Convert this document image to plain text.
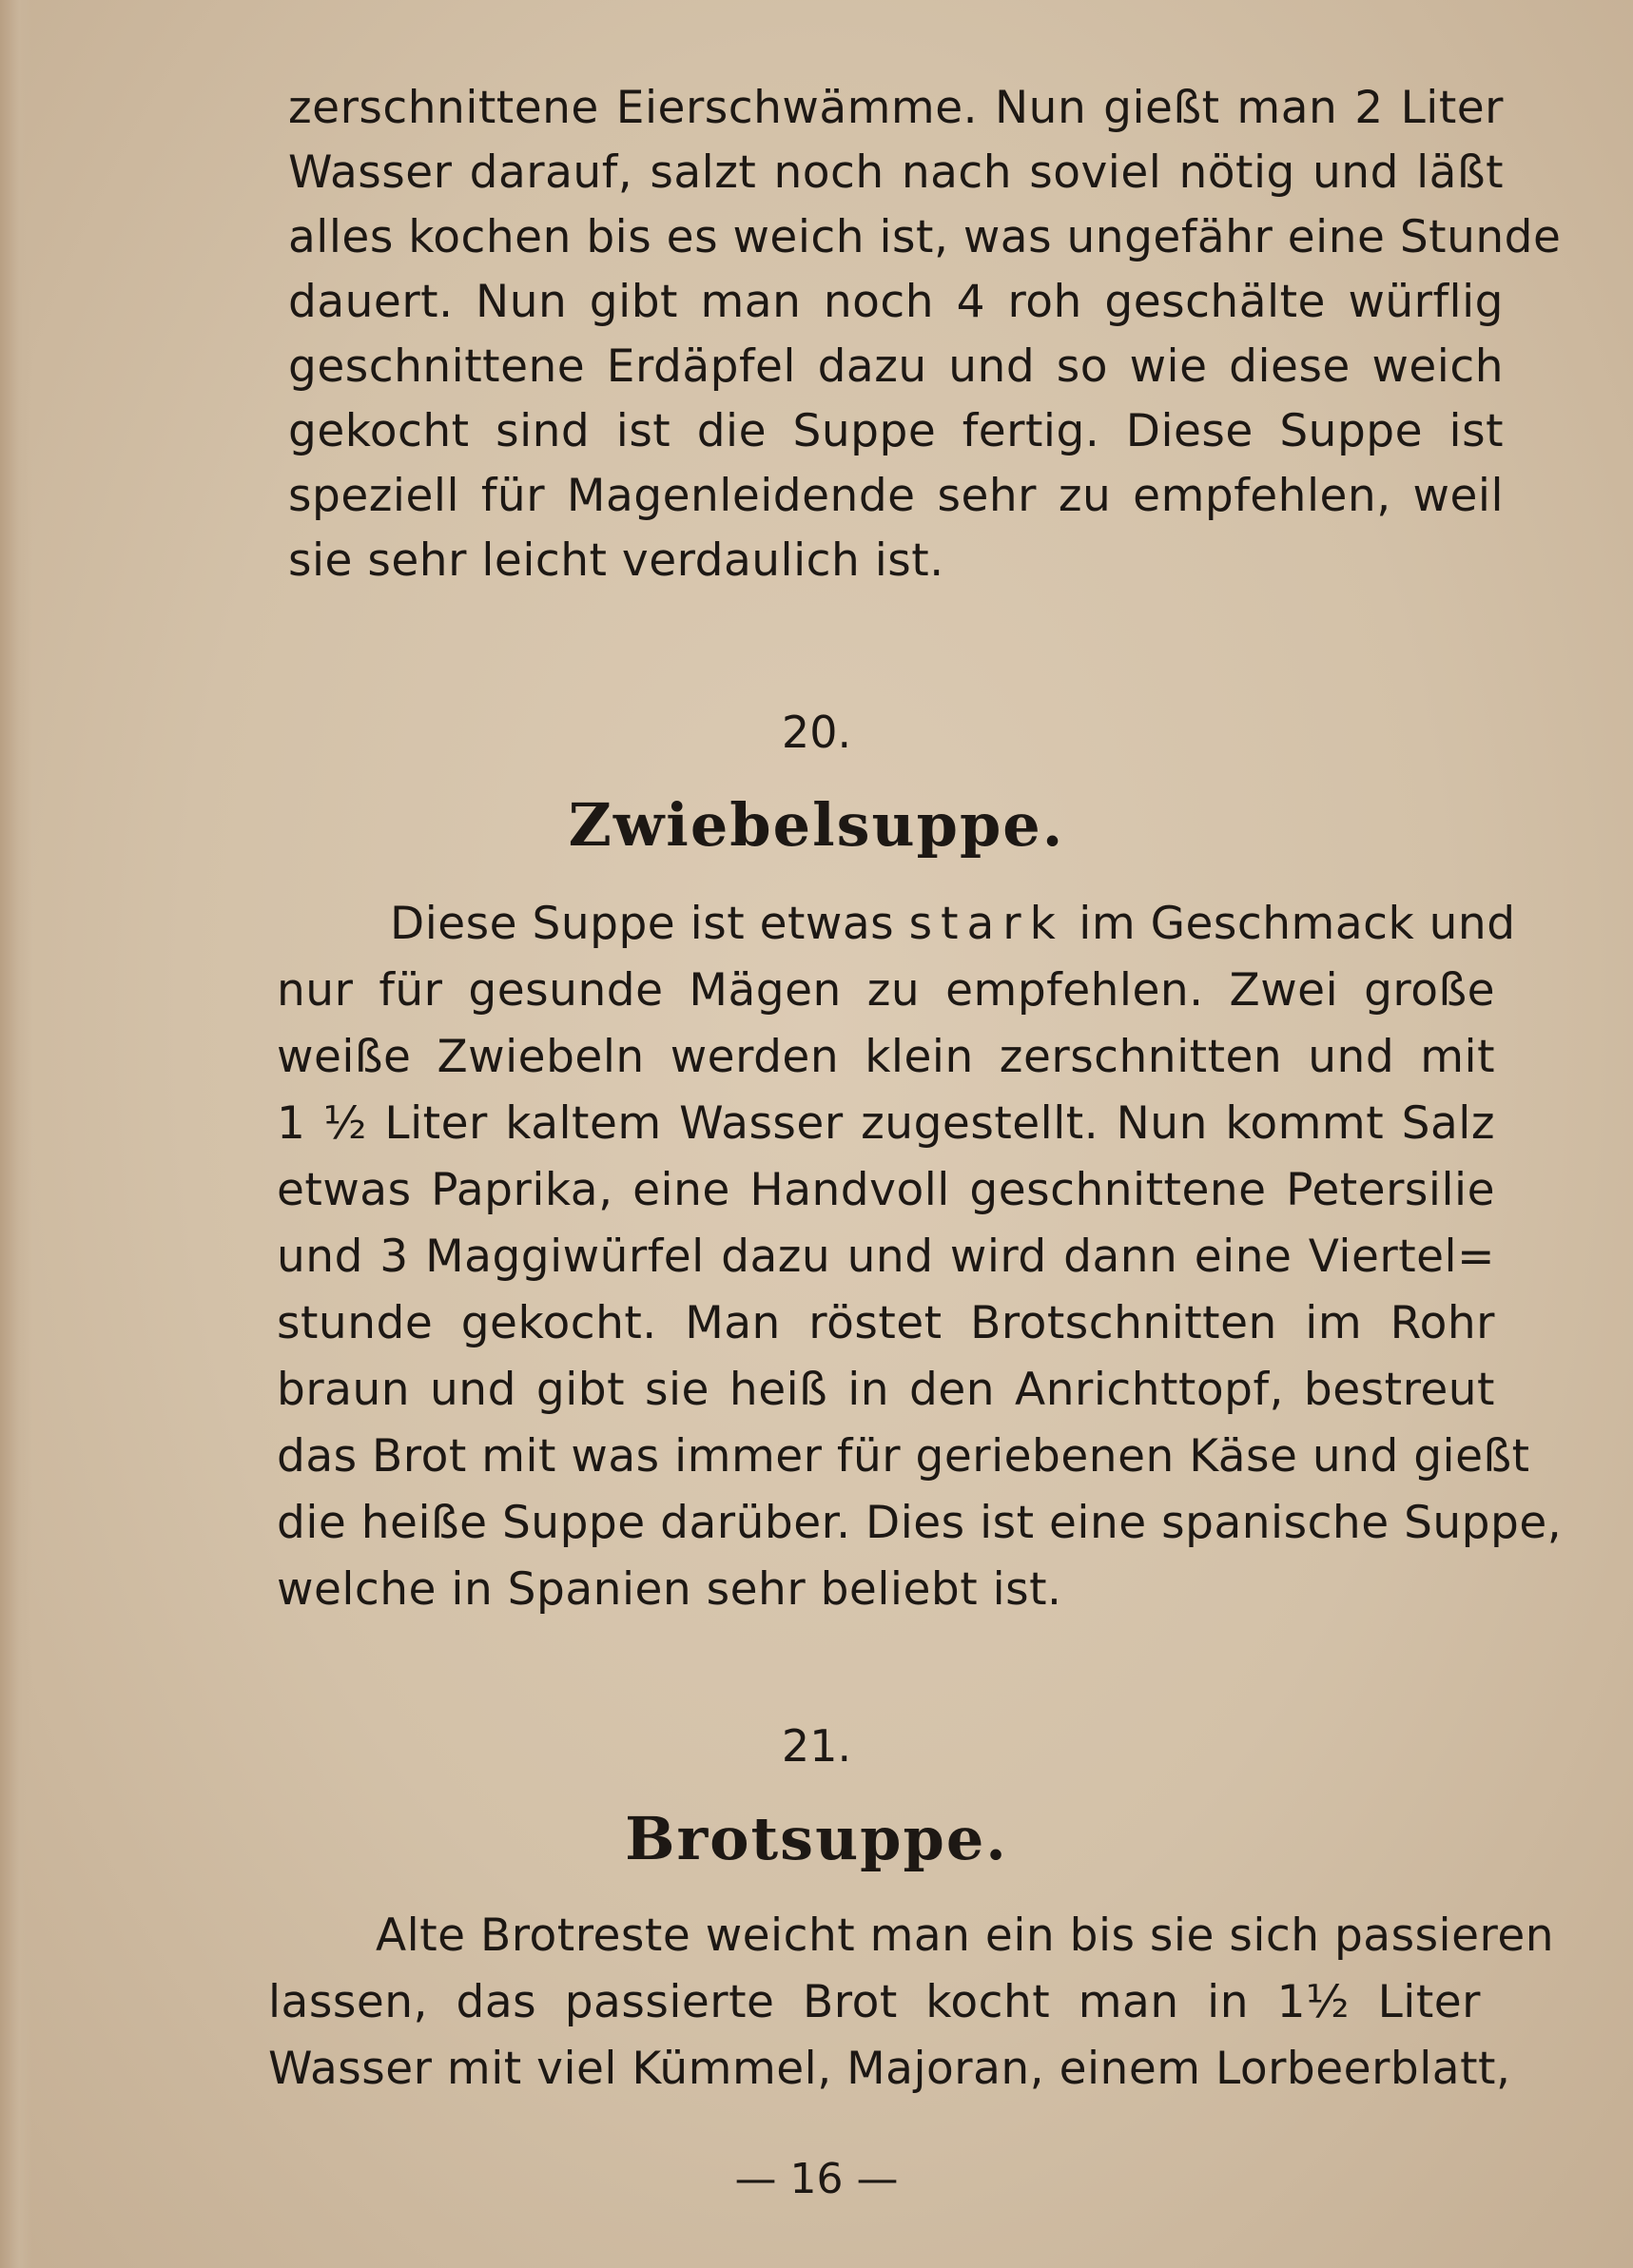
zerschnittene Eierschwämme. Nun gießt man 2 Liter
Wasser darauf, salzt noch nach soviel nötig und läßt
alles kochen bis es weich ist, was ungefähr eine Stunde
dauert. Nun gibt man noch 4 roh geschälte würflig
geschnittene Erdäpfel dazu und so wie diese weich
gekocht sind ist die Suppe fertig. Diese Suppe ist
speziell für Magenleidende sehr zu empfehlen, weil
sie sehr leicht verdaulich ist.
20.
Zwiebelsuppe.
Diese Suppe ist etwas stark im Geschmack und
nur für gesunde Mägen zu empfehlen. Zwei große
weiße Zwiebeln werden klein zerschnitten und mit
1 ½ Liter kaltem Wasser zugestellt. Nun kommt Salz
etwas Paprika, eine Handvoll geschnittene Petersilie
und 3 Maggiwürfel dazu und wird dann eine Viertel=
stunde gekocht. Man röstet Brotschnitten im Rohr
braun und gibt sie heiß in den Anrichttopf, bestreut
das Brot mit was immer für geriebenen Käse und gießt
die heiße Suppe darüber. Dies ist eine spanische Suppe,
welche in Spanien sehr beliebt ist.
21.
Brotsuppe.
Alte Brotreste weicht man ein bis sie sich passieren
lassen, das passierte Brot kocht man in 1½ Liter
Wasser mit viel Kümmel, Majoran, einem Lorbeerblatt,
— 16 —
